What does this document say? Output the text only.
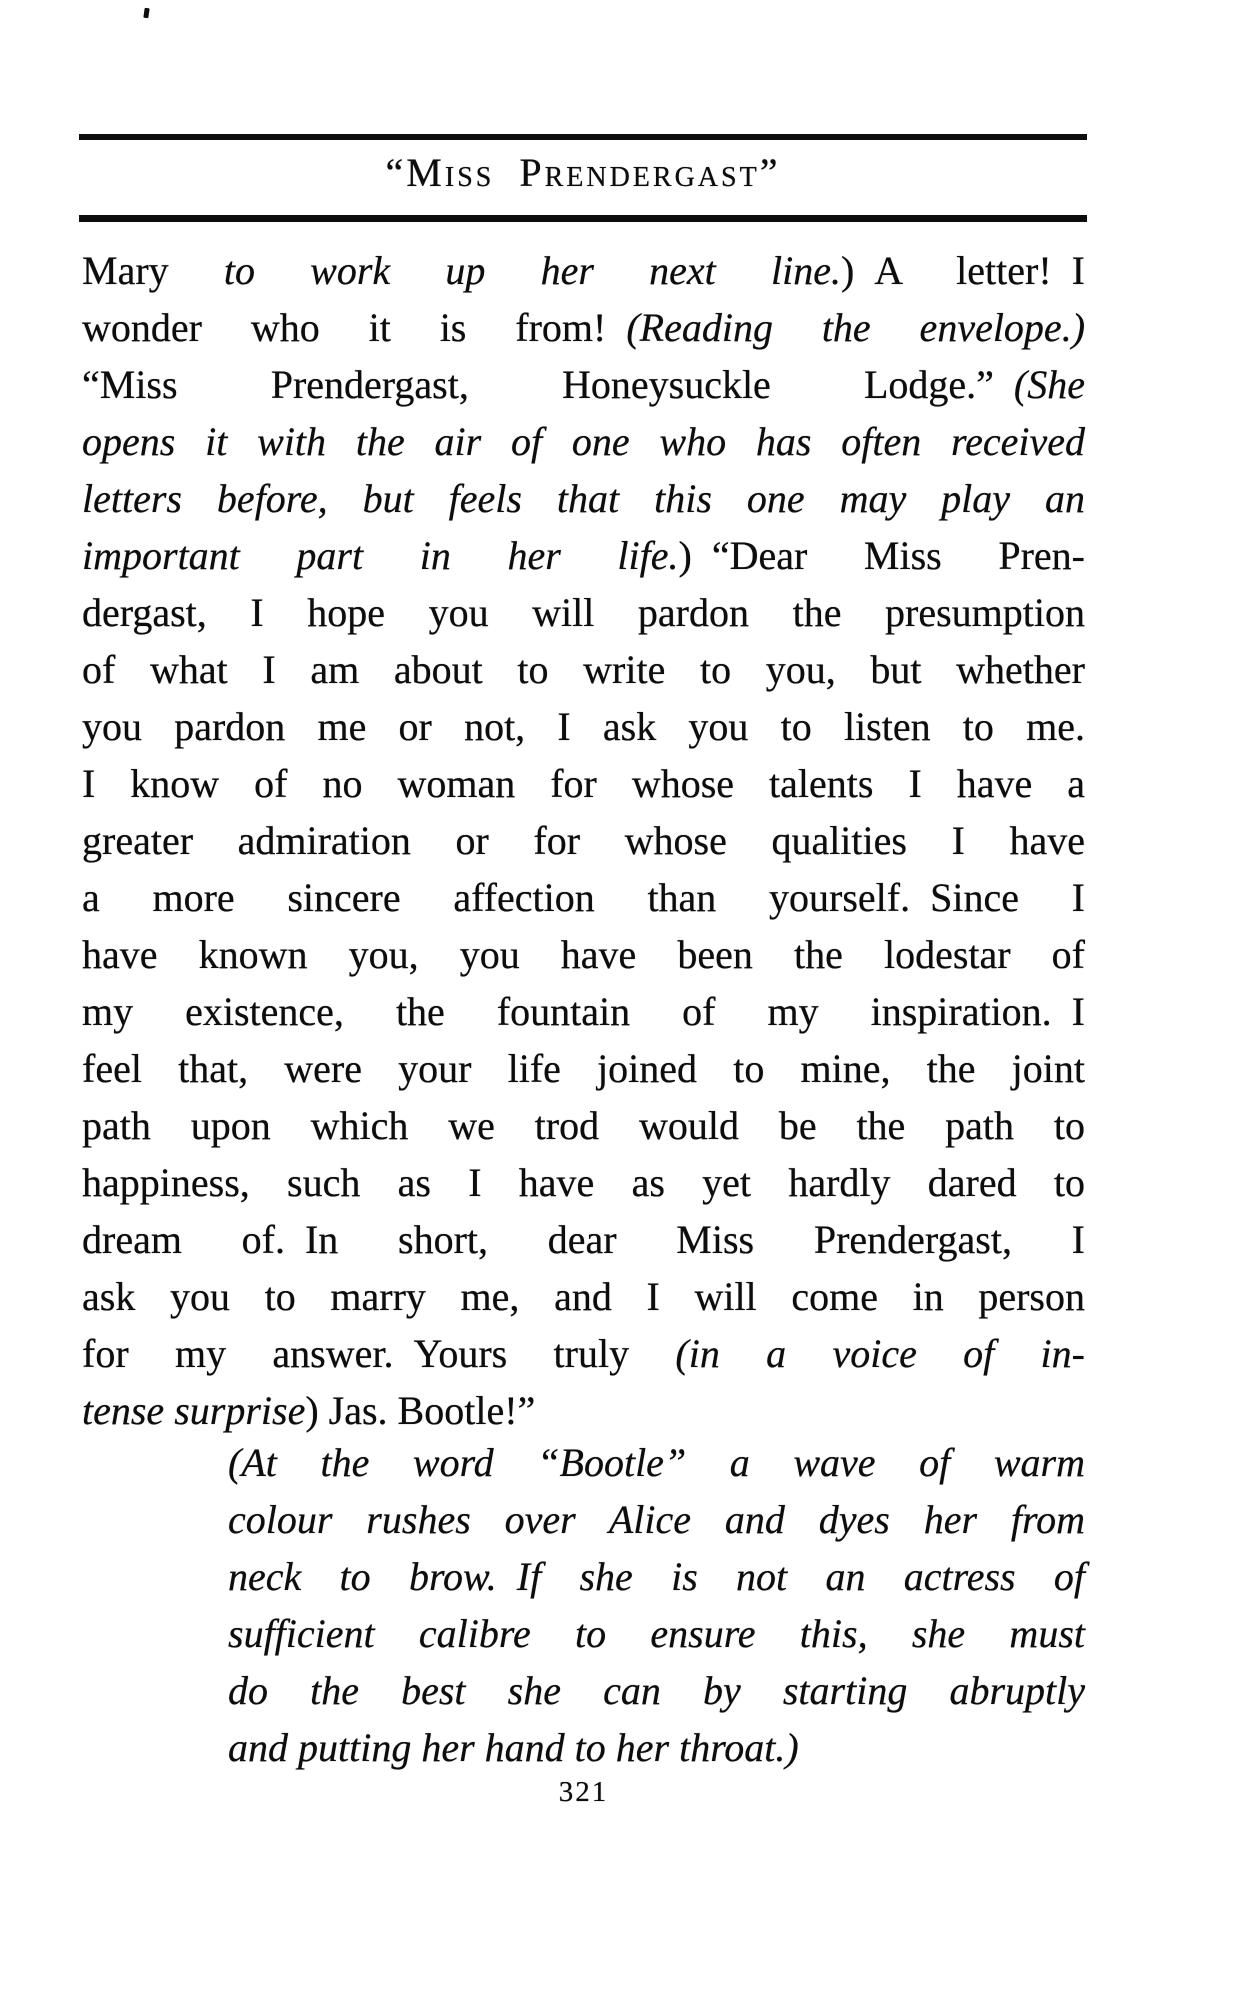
“Miss Prendergast”
Mary to work up her next line.) A letter! I
wonder who it is from! (Reading the envelope.)
“Miss Prendergast, Honeysuckle Lodge.” (She
opens it with the air of one who has often received
letters before, but feels that this one may play an
important part in her life.) “Dear Miss Pren-
dergast, I hope you will pardon the presumption
of what I am about to write to you, but whether
you pardon me or not, I ask you to listen to me.
I know of no woman for whose talents I have a
greater admiration or for whose qualities I have
a more sincere affection than yourself. Since I
have known you, you have been the lodestar of
my existence, the fountain of my inspiration. I
feel that, were your life joined to mine, the joint
path upon which we trod would be the path to
happiness, such as I have as yet hardly dared to
dream of. In short, dear Miss Prendergast, I
ask you to marry me, and I will come in person
for my answer. Yours truly (in a voice of in-
tense surprise) Jas. Bootle!”
(At the word “Bootle” a wave of warm
colour rushes over Alice and dyes her from
neck to brow. If she is not an actress of
sufficient calibre to ensure this, she must
do the best she can by starting abruptly
and putting her hand to her throat.)
321
